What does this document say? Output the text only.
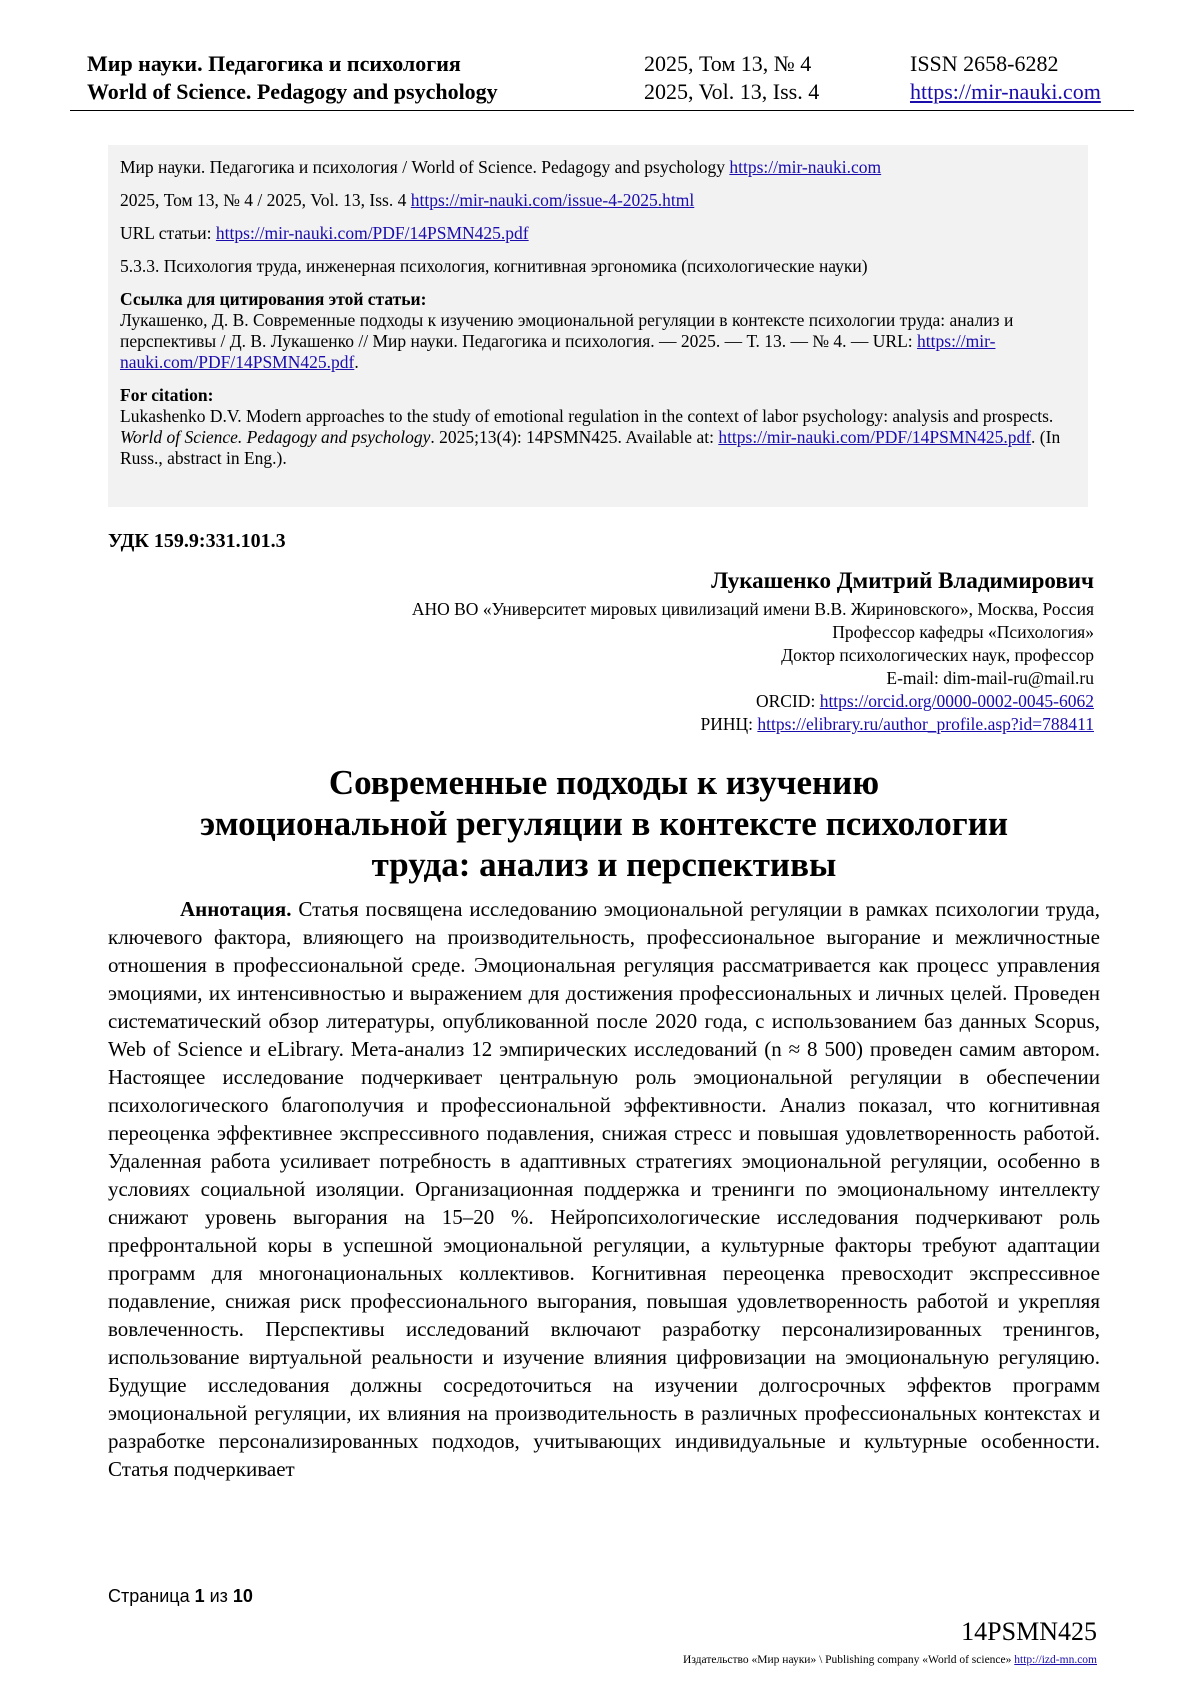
Мир науки. Педагогика и психология
World of Science. Pedagogy and psychology
2025, Том 13, № 4
2025, Vol. 13, Iss. 4
ISSN 2658-6282
https://mir-nauki.com

Мир науки. Педагогика и психология / World of Science. Pedagogy and psychology https://mir-nauki.com

2025, Том 13, № 4 / 2025, Vol. 13, Iss. 4 https://mir-nauki.com/issue-4-2025.html

URL статьи: https://mir-nauki.com/PDF/14PSMN425.pdf

5.3.3. Психология труда, инженерная психология, когнитивная эргономика (психологические науки)

Ссылка для цитирования этой статьи:
Лукашенко, Д. В. Современные подходы к изучению эмоциональной регуляции в контексте психологии труда: анализ и перспективы / Д. В. Лукашенко // Мир науки. Педагогика и психология. — 2025. — Т. 13. — № 4. — URL: https://mir-nauki.com/PDF/14PSMN425.pdf.
For citation:
Lukashenko D.V. Modern approaches to the study of emotional regulation in the context of labor psychology: analysis and prospects. World of Science. Pedagogy and psychology. 2025;13(4): 14PSMN425. Available at: https://mir-nauki.com/PDF/14PSMN425.pdf. (In Russ., abstract in Eng.).
УДК 159.9:331.101.3
Лукашенко Дмитрий Владимирович
АНО ВО «Университет мировых цивилизаций имени В.В. Жириновского», Москва, Россия
Профессор кафедры «Психология»
Доктор психологических наук, профессор
E-mail: dim-mail-ru@mail.ru
ORCID: https://orcid.org/0000-0002-0045-6062
РИНЦ: https://elibrary.ru/author_profile.asp?id=788411
Современные подходы к изучению
эмоциональной регуляции в контексте психологии
труда: анализ и перспективы

Аннотация. Статья посвящена исследованию эмоциональной регуляции в рамках психологии труда, ключевого фактора, влияющего на производительность, профессиональное выгорание и межличностные отношения в профессиональной среде. Эмоциональная регуляция рассматривается как процесс управления эмоциями, их интенсивностью и выражением для достижения профессиональных и личных целей. Проведен систематический обзор литературы, опубликованной после 2020 года, с использованием баз данных Scopus, Web of Science и eLibrary. Мета-анализ 12 эмпирических исследований (n ≈ 8 500) проведен самим автором. Настоящее исследование подчеркивает центральную роль эмоциональной регуляции в обеспечении психологического благополучия и профессиональной эффективности. Анализ показал, что когнитивная переоценка эффективнее экспрессивного подавления, снижая стресс и повышая удовлетворенность работой. Удаленная работа усиливает потребность в адаптивных стратегиях эмоциональной регуляции, особенно в условиях социальной изоляции. Организационная поддержка и тренинги по эмоциональному интеллекту снижают уровень выгорания на 15–20 %. Нейропсихологические исследования подчеркивают роль префронтальной коры в успешной эмоциональной регуляции, а культурные факторы требуют адаптации программ для многонациональных коллективов. Когнитивная переоценка превосходит экспрессивное подавление, снижая риск профессионального выгорания, повышая удовлетворенность работой и укрепляя вовлеченность. Перспективы исследований включают разработку персонализированных тренингов, использование виртуальной реальности и изучение влияния цифровизации на эмоциональную регуляцию. Будущие исследования должны сосредоточиться на изучении долгосрочных эффектов программ эмоциональной регуляции, их влияния на производительность в различных профессиональных контекстах и разработке персонализированных подходов, учитывающих индивидуальные и культурные особенности. Статья подчеркивает

Страница 1 из 10
14PSMN425
Издательство «Мир науки» \ Publishing company «World of science» http://izd-mn.com
